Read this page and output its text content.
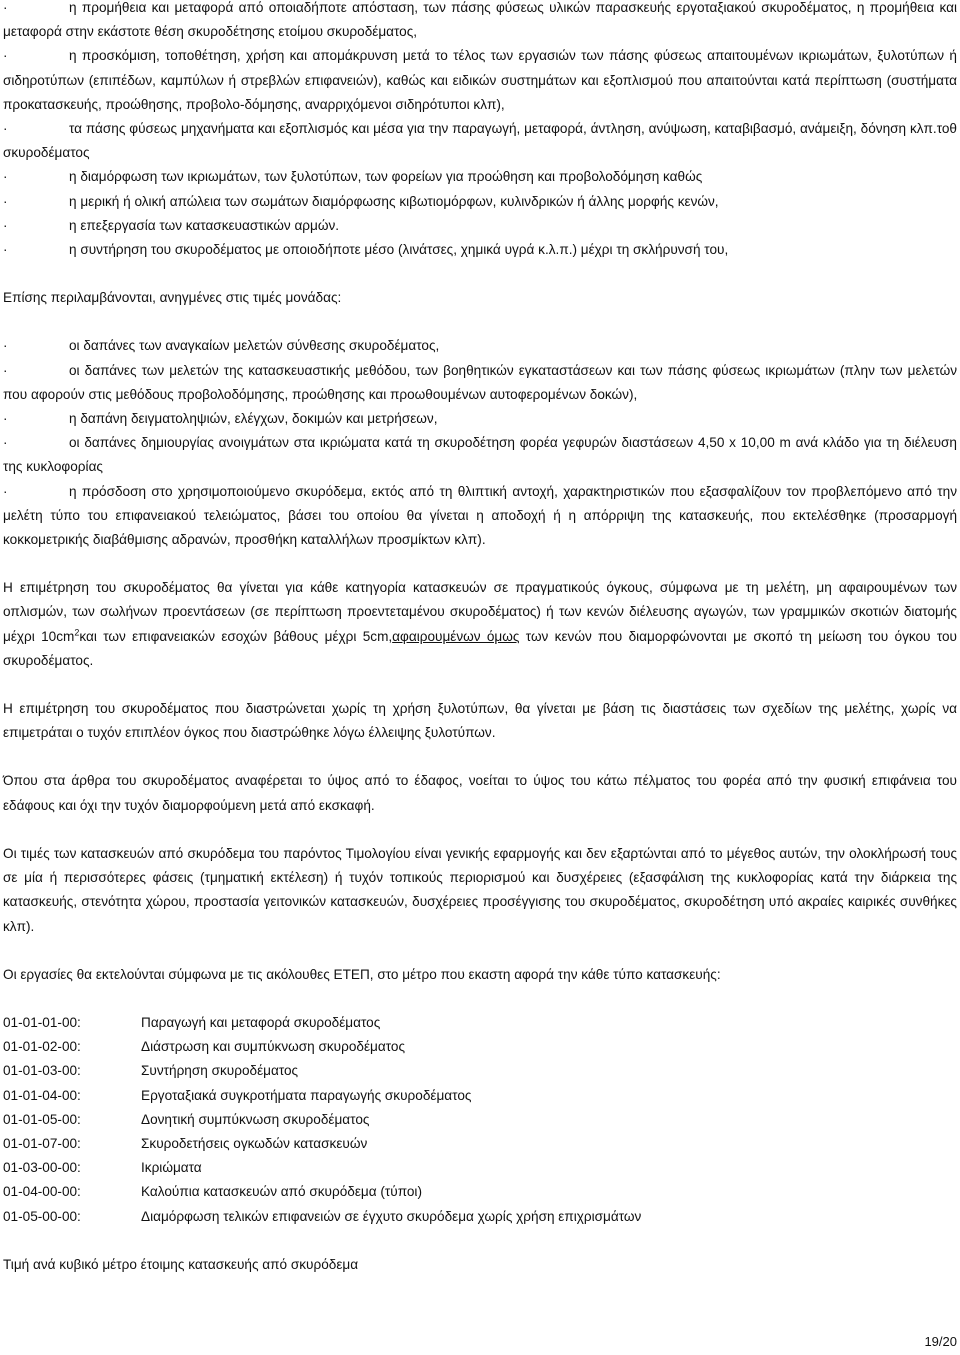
·	η προμήθεια και μεταφορά από οποιαδήποτε απόσταση, των πάσης φύσεως υλικών παρασκευής εργοταξιακού σκυροδέματος, η προμήθεια και μεταφορά στην εκάστοτε θέση σκυροδέτησης ετοίμου σκυροδέματος,
·	η προσκόμιση, τοποθέτηση, χρήση και απομάκρυνση μετά το τέλος των εργασιών των πάσης φύσεως απαιτουμένων ικριωμάτων, ξυλοτύπων ή σιδηροτύπων (επιπέδων, καμπύλων ή στρεβλών επιφανειών), καθώς και ειδικών συστημάτων και εξοπλισμού που απαιτούνται κατά περίπτωση (συστήματα προκατασκευής, προώθησης, προβολο-δόμησης, αναρριχόμενοι σιδηρότυποι κλπ),
·	τα πάσης φύσεως μηχανήματα και εξοπλισμός και μέσα για την παραγωγή, μεταφορά, άντληση, ανύψωση, καταβιβασμό, ανάμειξη, δόνηση κλπ.τοθ σκυροδέματος
·	η διαμόρφωση των ικριωμάτων, των ξυλοτύπων, των φορείων για προώθηση και προβολοδόμηση καθώς
·	η μερική ή ολική απώλεια των σωμάτων διαμόρφωσης κιβωτιομόρφων, κυλινδρικών ή άλλης μορφής κενών,
·	η επεξεργασία των κατασκευαστικών αρμών.
·	η συντήρηση του σκυροδέματος με οποιοδήποτε μέσο (λινάτσες, χημικά υγρά κ.λ.π.) μέχρι τη σκλήρυνσή του,

Επίσης περιλαμβάνονται, ανηγμένες στις τιμές μονάδας:

·	οι δαπάνες των αναγκαίων μελετών σύνθεσης σκυροδέματος,
·	οι δαπάνες των μελετών της κατασκευαστικής μεθόδου, των βοηθητικών εγκαταστάσεων και των πάσης φύσεως ικριωμάτων (πλην των μελετών που αφορούν στις μεθόδους προβολοδόμησης, προώθησης και προωθουμένων αυτοφερομένων δοκών),
·	η δαπάνη δειγματοληψιών, ελέγχων, δοκιμών και μετρήσεων,
·	οι δαπάνες δημιουργίας ανοιγμάτων στα ικριώματα κατά τη σκυροδέτηση φορέα γεφυρών διαστάσεων 4,50 x 10,00 m ανά κλάδο για τη διέλευση της κυκλοφορίας
·	η πρόσδοση στο χρησιμοποιούμενο σκυρόδεμα, εκτός από τη θλιπτική αντοχή, χαρακτηριστικών που εξασφαλίζουν τον προβλεπόμενο από την μελέτη τύπο του επιφανειακού τελειώματος, βάσει του οποίου θα γίνεται η αποδοχή ή η απόρριψη της κατασκευής, που εκτελέσθηκε (προσαρμογή κοκκομετρικής διαβάθμισης αδρανών, προσθήκη καταλλήλων προσμίκτων κλπ).

Η επιμέτρηση του σκυροδέματος θα γίνεται για κάθε κατηγορία κατασκευών σε πραγματικούς όγκους, σύμφωνα με τη μελέτη, μη αφαιρουμένων των οπλισμών, των σωλήνων προεντάσεων (σε περίπτωση προεντεταμένου σκυροδέματος) ή των κενών διέλευσης αγωγών, των γραμμικών σκοτιών διατομής μέχρι $10cm^2\kappa\alpha\iota$ των επιφανειακών εσοχών βάθους μέχρι 5cm,αφαιρουμένων όμως των κενών που διαμορφώνονται με σκοπό τη μείωση του όγκου του σκυροδέματος.

Η επιμέτρηση του σκυροδέματος που διαστρώνεται χωρίς τη χρήση ξυλοτύπων, θα γίνεται με βάση τις διαστάσεις των σχεδίων της μελέτης, χωρίς να επιμετράται ο τυχόν επιπλέον όγκος που διαστρώθηκε λόγω έλλειψης ξυλοτύπων.

Όπου στα άρθρα του σκυροδέματος αναφέρεται το ύψος από το έδαφος, νοείται το ύψος του κάτω πέλματος του φορέα από την φυσική επιφάνεια του εδάφους και όχι την τυχόν διαμορφούμενη μετά από εκσκαφή.

Οι τιμές των κατασκευών από σκυρόδεμα του παρόντος Τιμολογίου είναι γενικής εφαρμογής και δεν εξαρτώνται από το μέγεθος αυτών, την ολοκλήρωσή τους σε μία ή περισσότερες φάσεις (τμηματική εκτέλεση) ή τυχόν τοπικούς περιορισμού και δυσχέρειες (εξασφάλιση της κυκλοφορίας κατά την διάρκεια της κατασκευής, στενότητα χώρου, προστασία γειτονικών κατασκευών, δυσχέρειες προσέγγισης του σκυροδέματος, σκυροδέτηση υπό ακραίες καιρικές συνθήκες κλπ).

Οι εργασίες θα εκτελούνται σύμφωνα με τις ακόλουθες ΕΤΕΠ, στο μέτρο που εκαστη αφορά την κάθε τύπο κατασκευής:

01-01-01-00:	Παραγωγή και μεταφορά σκυροδέματος
01-01-02-00:	Διάστρωση και συμπύκνωση σκυροδέματος
01-01-03-00:	Συντήρηση σκυροδέματος
01-01-04-00:	Εργοταξιακά συγκροτήματα παραγωγής σκυροδέματος
01-01-05-00:	Δονητική συμπύκνωση σκυροδέματος
01-01-07-00:	Σκυροδετήσεις ογκωδών κατασκευών
01-03-00-00:	Ικριώματα
01-04-00-00:	Καλούπια κατασκευών από σκυρόδεμα (τύποι)
01-05-00-00:	Διαμόρφωση τελικών επιφανειών σε έγχυτο σκυρόδεμα χωρίς χρήση επιχρισμάτων

Τιμή ανά κυβικό μέτρο έτοιμης κατασκευής από σκυρόδεμα

19/20
